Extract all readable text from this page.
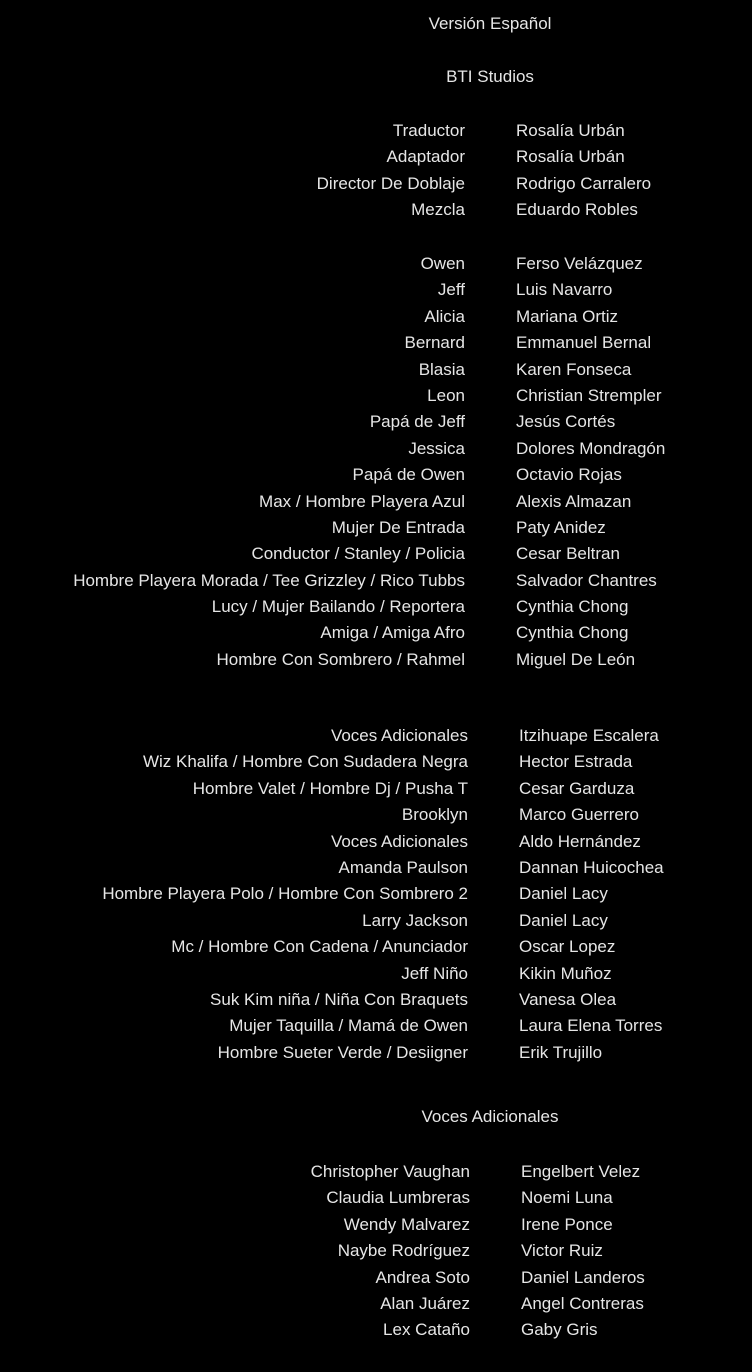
Versión Español
BTI Studios
Traductor	Rosalía Urbán
Adaptador	Rosalía Urbán
Director De Doblaje	Rodrigo Carralero
Mezcla	Eduardo Robles
Owen	Ferso Velázquez
Jeff	Luis Navarro
Alicia	Mariana Ortiz
Bernard	Emmanuel Bernal
Blasia	Karen Fonseca
Leon	Christian Strempler
Papá de Jeff	Jesús Cortés
Jessica	Dolores Mondragón
Papá de Owen	Octavio Rojas
Max / Hombre Playera Azul	Alexis Almazan
Mujer De Entrada	Paty Anidez
Conductor / Stanley / Policia	Cesar Beltran
Hombre Playera Morada / Tee Grizzley / Rico Tubbs	Salvador Chantres
Lucy / Mujer Bailando / Reportera	Cynthia Chong
Amiga / Amiga Afro	Cynthia Chong
Hombre Con Sombrero / Rahmel	Miguel De León
Voces Adicionales	Itzihuape Escalera
Wiz Khalifa / Hombre Con Sudadera Negra	Hector Estrada
Hombre Valet / Hombre Dj / Pusha T	Cesar Garduza
Brooklyn	Marco Guerrero
Voces Adicionales	Aldo Hernández
Amanda Paulson	Dannan Huicochea
Hombre Playera Polo / Hombre Con Sombrero 2	Daniel Lacy
Larry Jackson	Daniel Lacy
Mc / Hombre Con Cadena / Anunciador	Oscar Lopez
Jeff Niño	Kikin Muñoz
Suk Kim niña / Niña Con Braquets	Vanesa Olea
Mujer Taquilla / Mamá de Owen	Laura Elena Torres
Hombre Sueter Verde / Desiigner	Erik Trujillo
Voces Adicionales
Christopher Vaughan	Engelbert Velez
Claudia Lumbreras	Noemi Luna
Wendy Malvarez	Irene Ponce
Naybe Rodríguez	Victor Ruiz
Andrea Soto	Daniel Landeros
Alan Juárez	Angel Contreras
Lex Cataño	Gaby Gris
